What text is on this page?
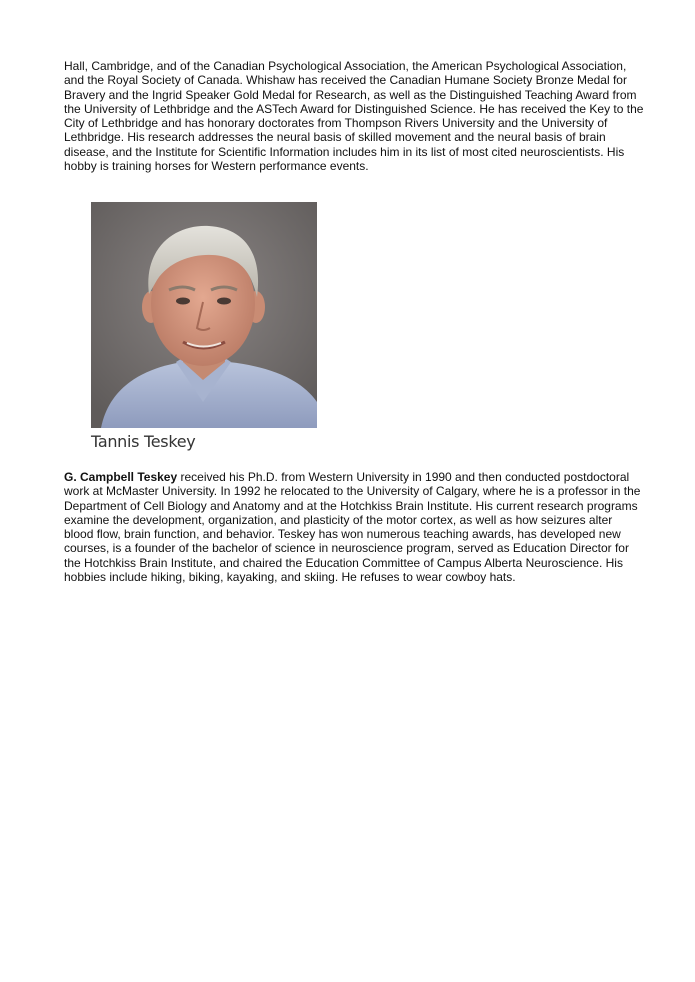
Hall, Cambridge, and of the Canadian Psychological Association, the American Psychological Association, and the Royal Society of Canada. Whishaw has received the Canadian Humane Society Bronze Medal for Bravery and the Ingrid Speaker Gold Medal for Research, as well as the Distinguished Teaching Award from the University of Lethbridge and the ASTech Award for Distinguished Science. He has received the Key to the City of Lethbridge and has honorary doctorates from Thompson Rivers University and the University of Lethbridge. His research addresses the neural basis of skilled movement and the neural basis of brain disease, and the Institute for Scientific Information includes him in its list of most cited neuroscientists. His hobby is training horses for Western performance events.

Tannis Teskey

G. Campbell Teskey received his Ph.D. from Western University in 1990 and then conducted postdoctoral work at McMaster University. In 1992 he relocated to the University of Calgary, where he is a professor in the Department of Cell Biology and Anatomy and at the Hotchkiss Brain Institute. His current research programs examine the development, organization, and plasticity of the motor cortex, as well as how seizures alter blood flow, brain function, and behavior. Teskey has won numerous teaching awards, has developed new courses, is a founder of the bachelor of science in neuroscience program, served as Education Director for the Hotchkiss Brain Institute, and chaired the Education Committee of Campus Alberta Neuroscience. His hobbies include hiking, biking, kayaking, and skiing. He refuses to wear cowboy hats.
